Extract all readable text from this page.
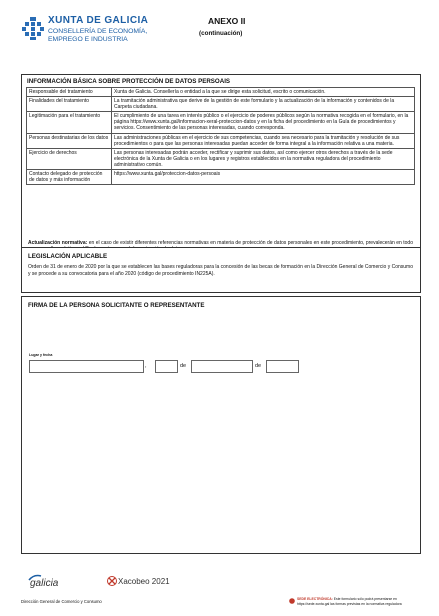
XUNTA DE GALICIA
CONSELLERÍA DE ECONOMÍA,
EMPREGO E INDUSTRIA
ANEXO II
(continuación)
INFORMACIÓN BÁSICA SOBRE PROTECCIÓN DE DATOS PERSOAIS
Responsable del tratamiento	Xunta de Galicia. Consellería o entidad a la que se dirige esta solicitud, escrito o comunicación.
Finalidades del tratamiento	La tramitación administrativa que derive de la gestión de este formulario y la actualización de la información y contenidos de la Carpeta ciudadana.
Legitimación para el tratamiento	El cumplimiento de una tarea en interés público o el ejercicio de poderes públicos según la normativa recogida en el formulario, en la página https://www.xunta.gal/informacion-xeral-proteccion-datos y en la ficha del procedimiento en la Guía de procedimientos y servicios. Consentimiento de las personas interesadas, cuando corresponda.
Personas destinatarias de los datos	Las administraciones públicas en el ejercicio de sus competencias, cuando sea necesario para la tramitación y resolución de sus procedimientos o para que las personas interesadas puedan acceder de forma integral a la información relativa a una materia.
Ejercicio de derechos	Las personas interesadas podrán acceder, rectificar y suprimir sus datos, así como ejercer otros derechos a través de la sede electrónica de la Xunta de Galicia o en los lugares y registros establecidos en la normativa reguladora del procedimiento administrativo común.
Contacto delegado de protección de datos y más información	https://www.xunta.gal/proteccion-datos-persoais
Actualización normativa: en el caso de existir diferentes referencias normativas en materia de protección de datos personales en este procedimiento, prevalecerán en todo
LEGISLACIÓN APLICABLE
Orden de 31 de enero de 2020 por la que se establecen las bases reguladoras para la concesión de las becas de formación en la Dirección General de Comercio y Consumo y se procede a su convocatoria para el año 2020 (código de procedimiento IN225A).
FIRMA DE LA PERSONA SOLICITANTE O REPRESENTANTE
Lugar y fecha
,	de	de
galicia	Xacobeo 2021
Dirección General de Comercio y Consumo	SEDE ELECTRÓNICA: Este formulario sólo podrá presentarse en https://sede.xunta.gal las formas previstas en la normativa reguladora
